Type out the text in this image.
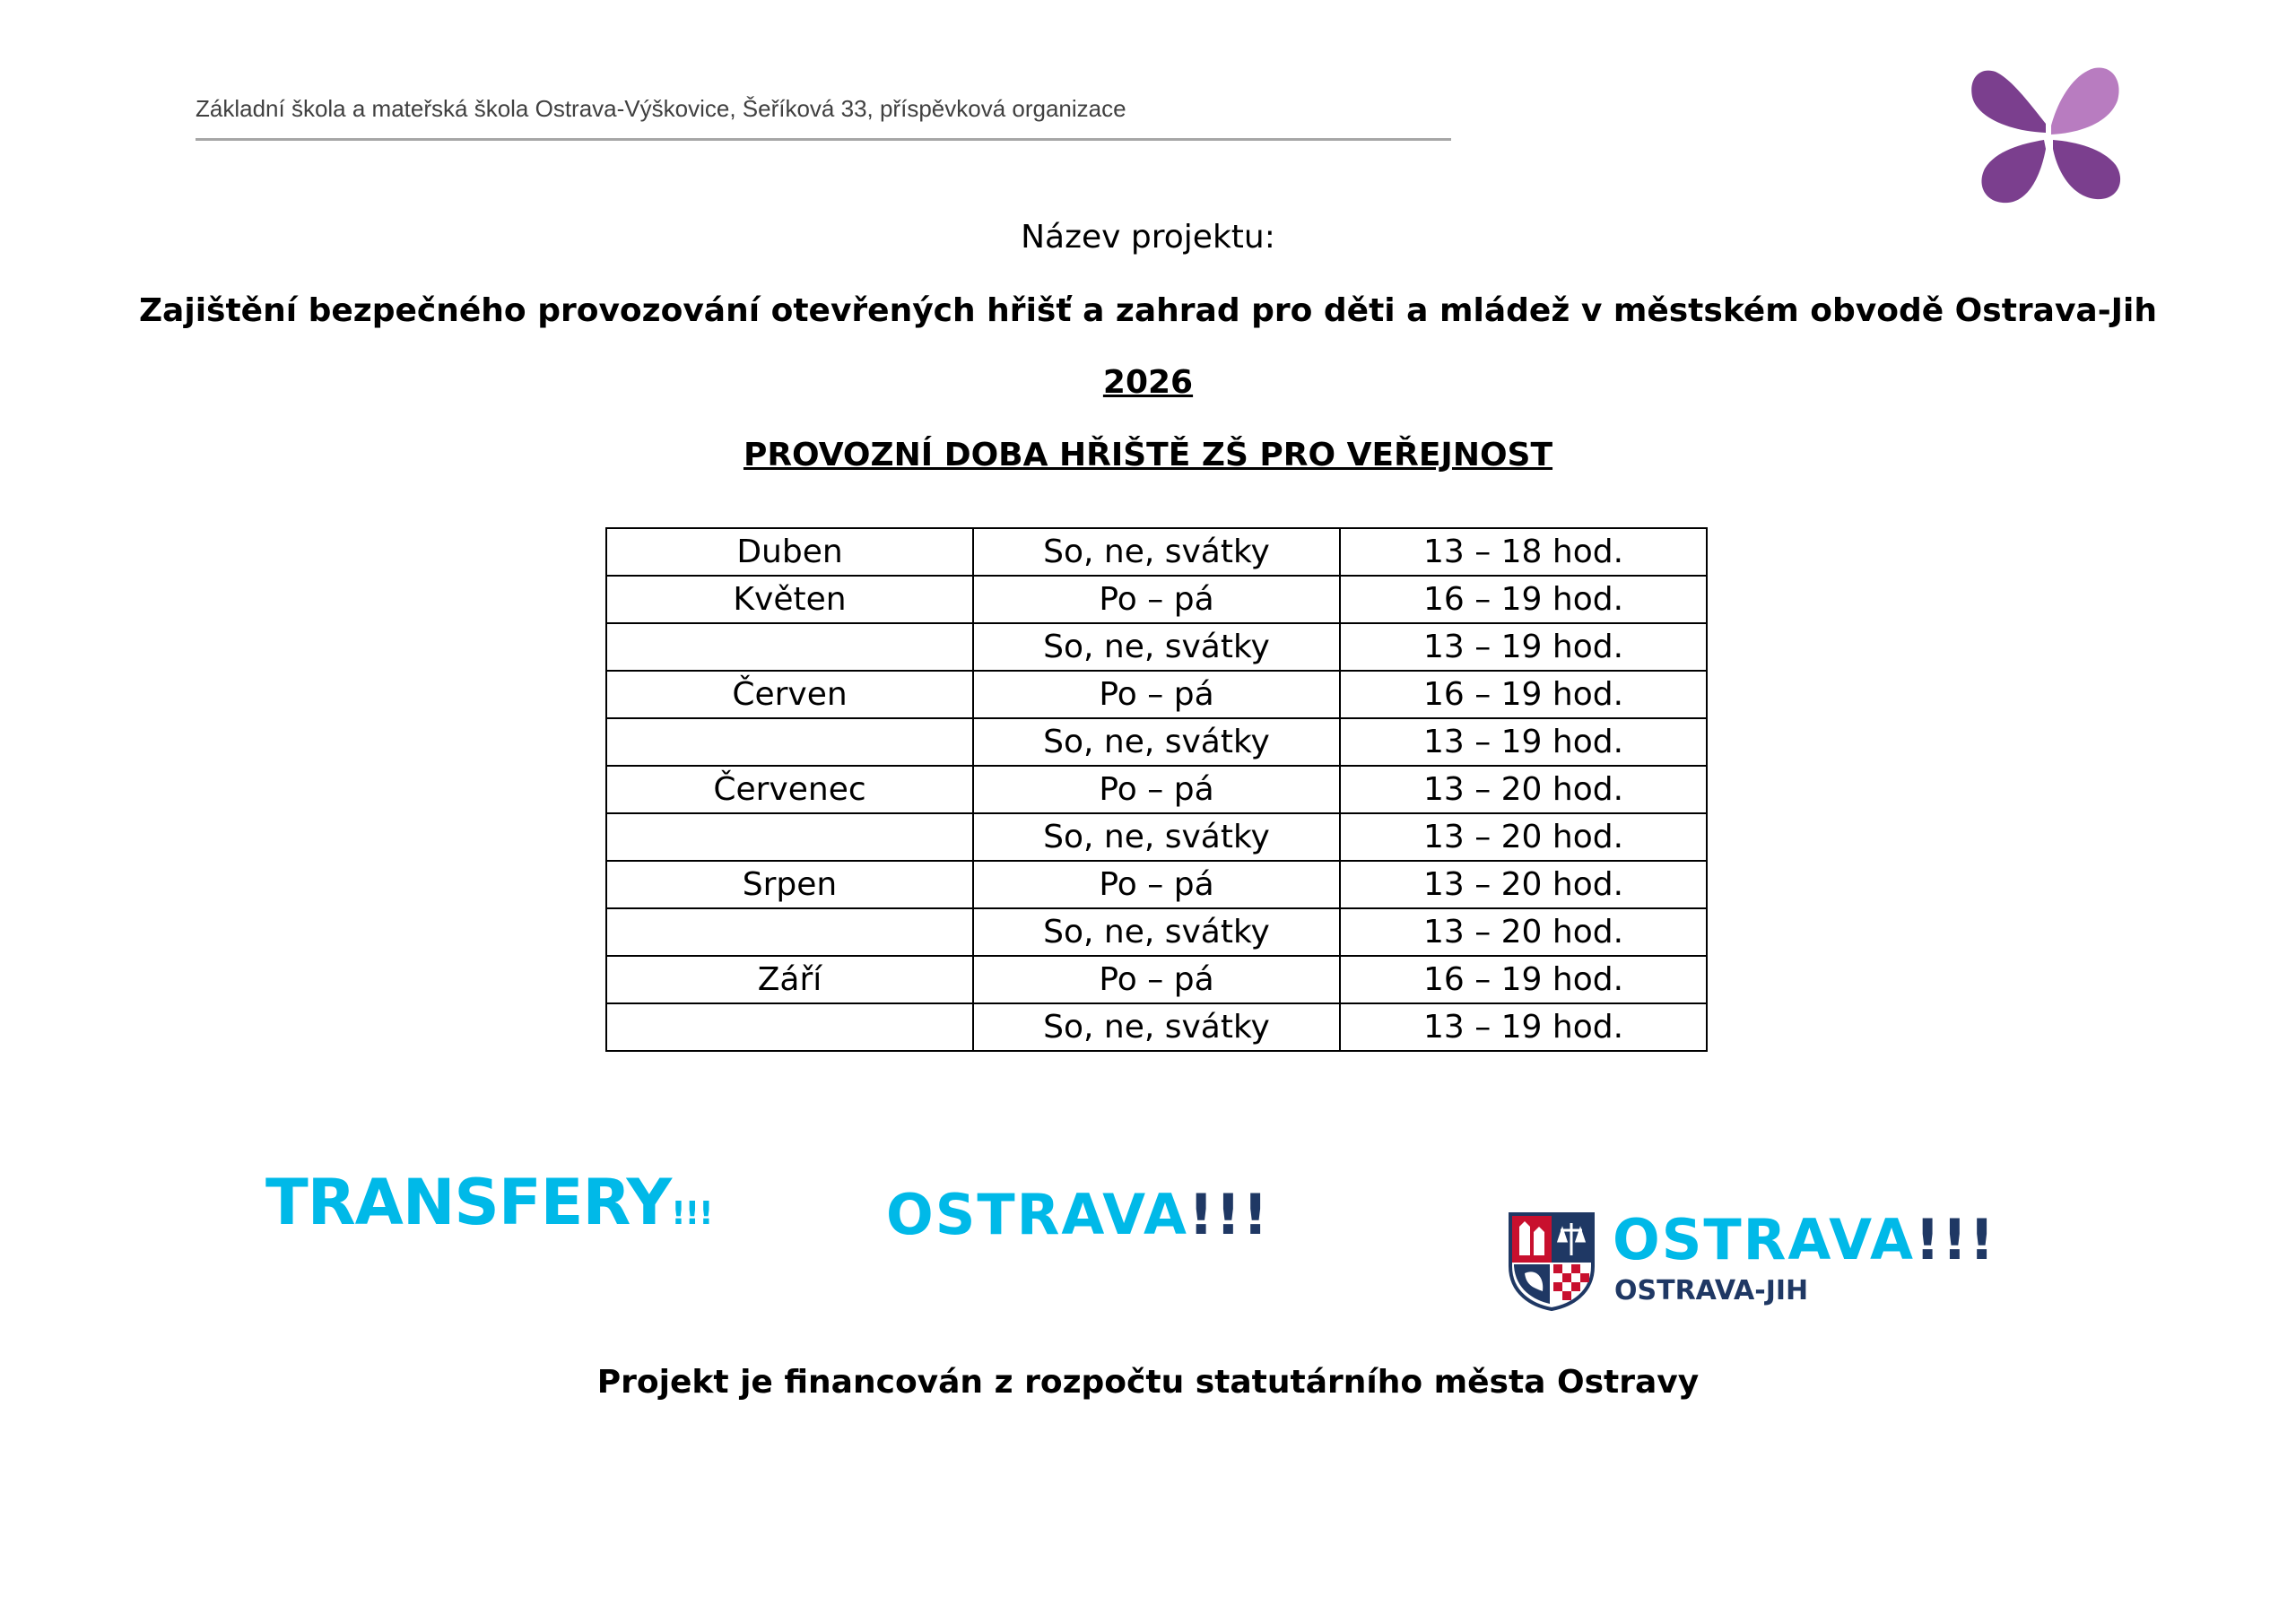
Základní škola a mateřská škola Ostrava-Výškovice, Šeříková 33, příspěvková organizace
Název projektu:
Zajištění bezpečného provozování otevřených hřišť a zahrad pro děti a mládež v městském obvodě Ostrava-Jih
2026
PROVOZNÍ DOBA HŘIŠTĚ ZŠ PRO VEŘEJNOST
Duben	So, ne, svátky	13 – 18 hod.
Květen	Po – pá	16 – 19 hod.
	So, ne, svátky	13 – 19 hod.
Červen	Po – pá	16 – 19 hod.
	So, ne, svátky	13 – 19 hod.
Červenec	Po – pá	13 – 20 hod.
	So, ne, svátky	13 – 20 hod.
Srpen	Po – pá	13 – 20 hod.
	So, ne, svátky	13 – 20 hod.
Září	Po – pá	16 – 19 hod.
	So, ne, svátky	13 – 19 hod.
TRANSFERY!!!	OSTRAVA!!!	OSTRAVA!!!
OSTRAVA-JIH
Projekt je financován z rozpočtu statutárního města Ostravy
